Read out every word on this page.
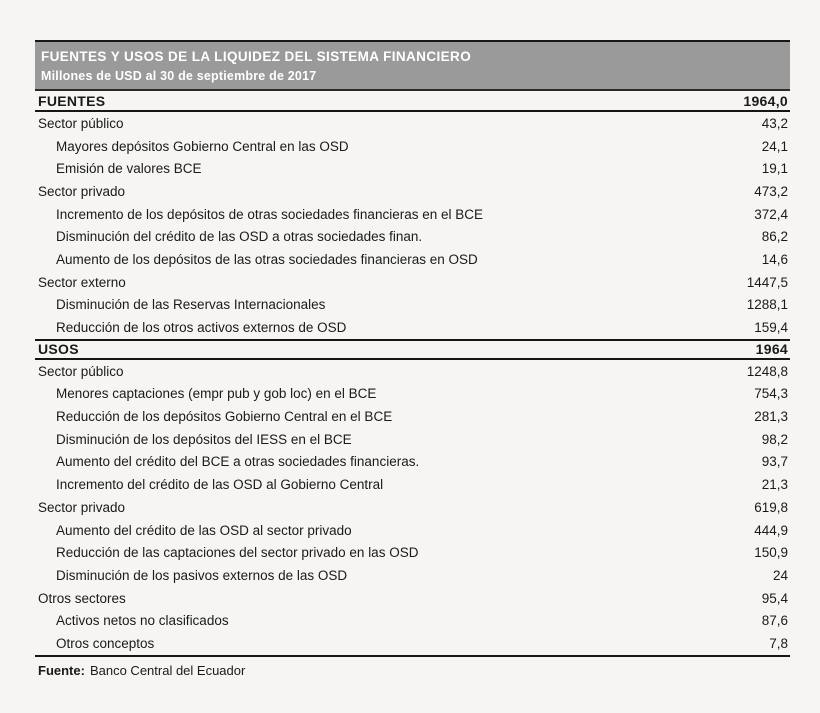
FUENTES Y USOS DE LA LIQUIDEZ DEL SISTEMA FINANCIERO
Millones de USD al 30 de septiembre de 2017
FUENTES	1964,0
Sector público	43,2
Mayores depósitos Gobierno Central en las OSD	24,1
Emisión de valores BCE	19,1
Sector privado	473,2
Incremento de los depósitos de otras sociedades financieras en el BCE	372,4
Disminución del crédito de las OSD a otras sociedades finan.	86,2
Aumento de los depósitos de las otras sociedades financieras en OSD	14,6
Sector externo	1447,5
Disminución de las Reservas Internacionales	1288,1
Reducción de los otros activos externos de OSD	159,4
USOS	1964
Sector público	1248,8
Menores captaciones (empr pub y gob loc) en el BCE	754,3
Reducción de los depósitos Gobierno Central en el BCE	281,3
Disminución de los depósitos del IESS en el BCE	98,2
Aumento del crédito del BCE a otras sociedades financieras.	93,7
Incremento del crédito de las OSD al Gobierno Central	21,3
Sector privado	619,8
Aumento del crédito de las OSD al sector privado	444,9
Reducción de las captaciones del sector privado en las OSD	150,9
Disminución de los pasivos externos de las OSD	24
Otros sectores	95,4
Activos netos no clasificados	87,6
Otros conceptos	7,8
Fuente: Banco Central del Ecuador
